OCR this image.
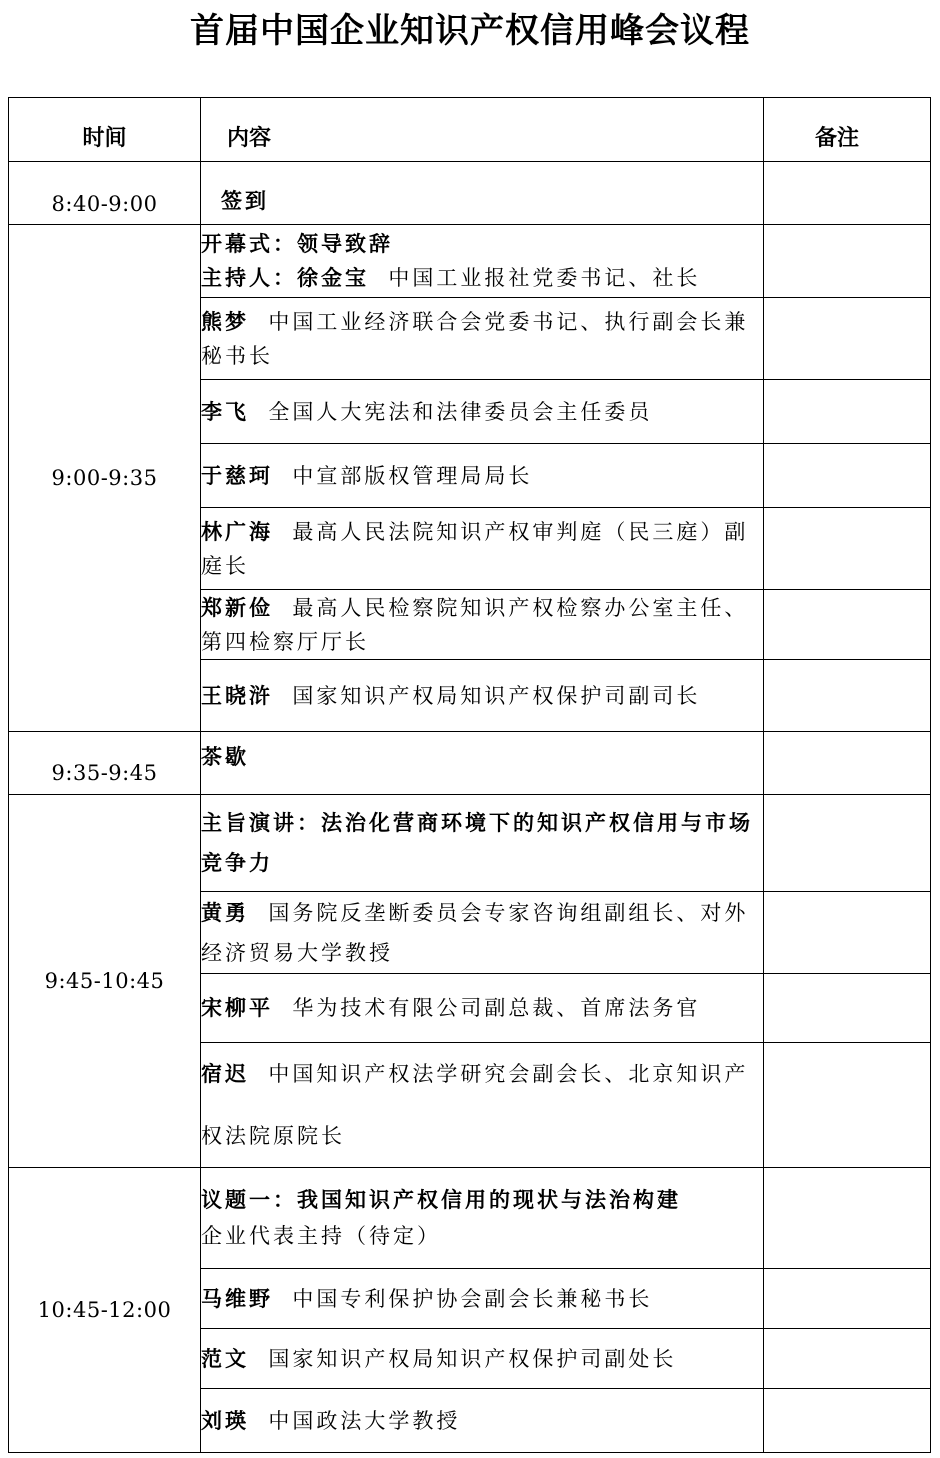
首届中国企业知识产权信用峰会议程
时间	内容	备注

8:40-9:00	签到	

9:00-9:35	开幕式：领导致辞
主持人：徐金宝 中国工业报社党委书记、社长	

	熊梦 中国工业经济联合会党委书记、执行副会长兼秘书长	
	李飞 全国人大宪法和法律委员会主任委员	
	于慈珂 中宣部版权管理局局长	
	林广海 最高人民法院知识产权审判庭（民三庭）副庭长	
	郑新俭 最高人民检察院知识产权检察办公室主任、第四检察厅厅长	
	王晓浒 国家知识产权局知识产权保护司副司长	

9:35-9:45	茶歇	

9:45-10:45	主旨演讲：法治化营商环境下的知识产权信用与市场竞争力	
	黄勇 国务院反垄断委员会专家咨询组副组长、对外经济贸易大学教授	
	宋柳平 华为技术有限公司副总裁、首席法务官	
	宿迟 中国知识产权法学研究会副会长、北京知识产权法院原院长	

10:45-12:00	议题一：我国知识产权信用的现状与法治构建
企业代表主持（待定）	

	马维野 中国专利保护协会副会长兼秘书长	
	范文 国家知识产权局知识产权保护司副处长	
	刘瑛 中国政法大学教授	
